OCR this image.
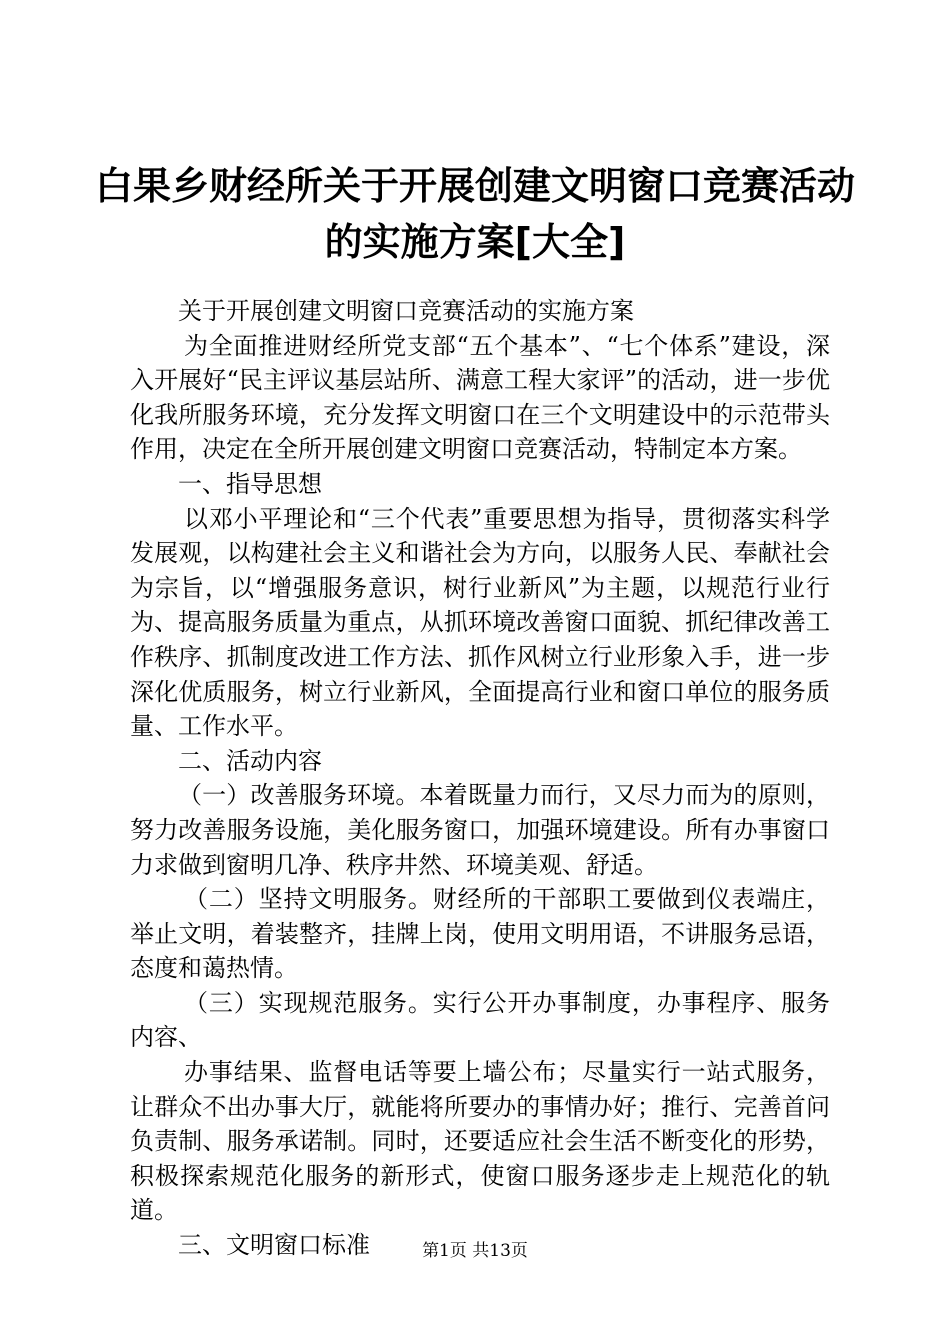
白果乡财经所关于开展创建文明窗口竞赛活动
的实施方案[大全]

关于开展创建文明窗口竞赛活动的实施方案

为全面推进财经所党支部“五个基本”、“七个体系”建设，深入开展好“民主评议基层站所、满意工程大家评”的活动，进一步优化我所服务环境，充分发挥文明窗口在三个文明建设中的示范带头作用，决定在全所开展创建文明窗口竞赛活动，特制定本方案。

一、指导思想

以邓小平理论和“三个代表”重要思想为指导，贯彻落实科学发展观，以构建社会主义和谐社会为方向，以服务人民、奉献社会为宗旨，以“增强服务意识，树行业新风”为主题，以规范行业行为、提高服务质量为重点，从抓环境改善窗口面貌、抓纪律改善工作秩序、抓制度改进工作方法、抓作风树立行业形象入手，进一步深化优质服务，树立行业新风，全面提高行业和窗口单位的服务质量、工作水平。

二、活动内容

（一）改善服务环境。本着既量力而行，又尽力而为的原则，努力改善服务设施，美化服务窗口，加强环境建设。所有办事窗口力求做到窗明几净、秩序井然、环境美观、舒适。

（二）坚持文明服务。财经所的干部职工要做到仪表端庄，举止文明，着装整齐，挂牌上岗，使用文明用语，不讲服务忌语，态度和蔼热情。

（三）实现规范服务。实行公开办事制度，办事程序、服务内容、

办事结果、监督电话等要上墙公布；尽量实行一站式服务，让群众不出办事大厅，就能将所要办的事情办好；推行、完善首问负责制、服务承诺制。同时，还要适应社会生活不断变化的形势，积极探索规范化服务的新形式，使窗口服务逐步走上规范化的轨道。

三、文明窗口标准	第1页 共13页
